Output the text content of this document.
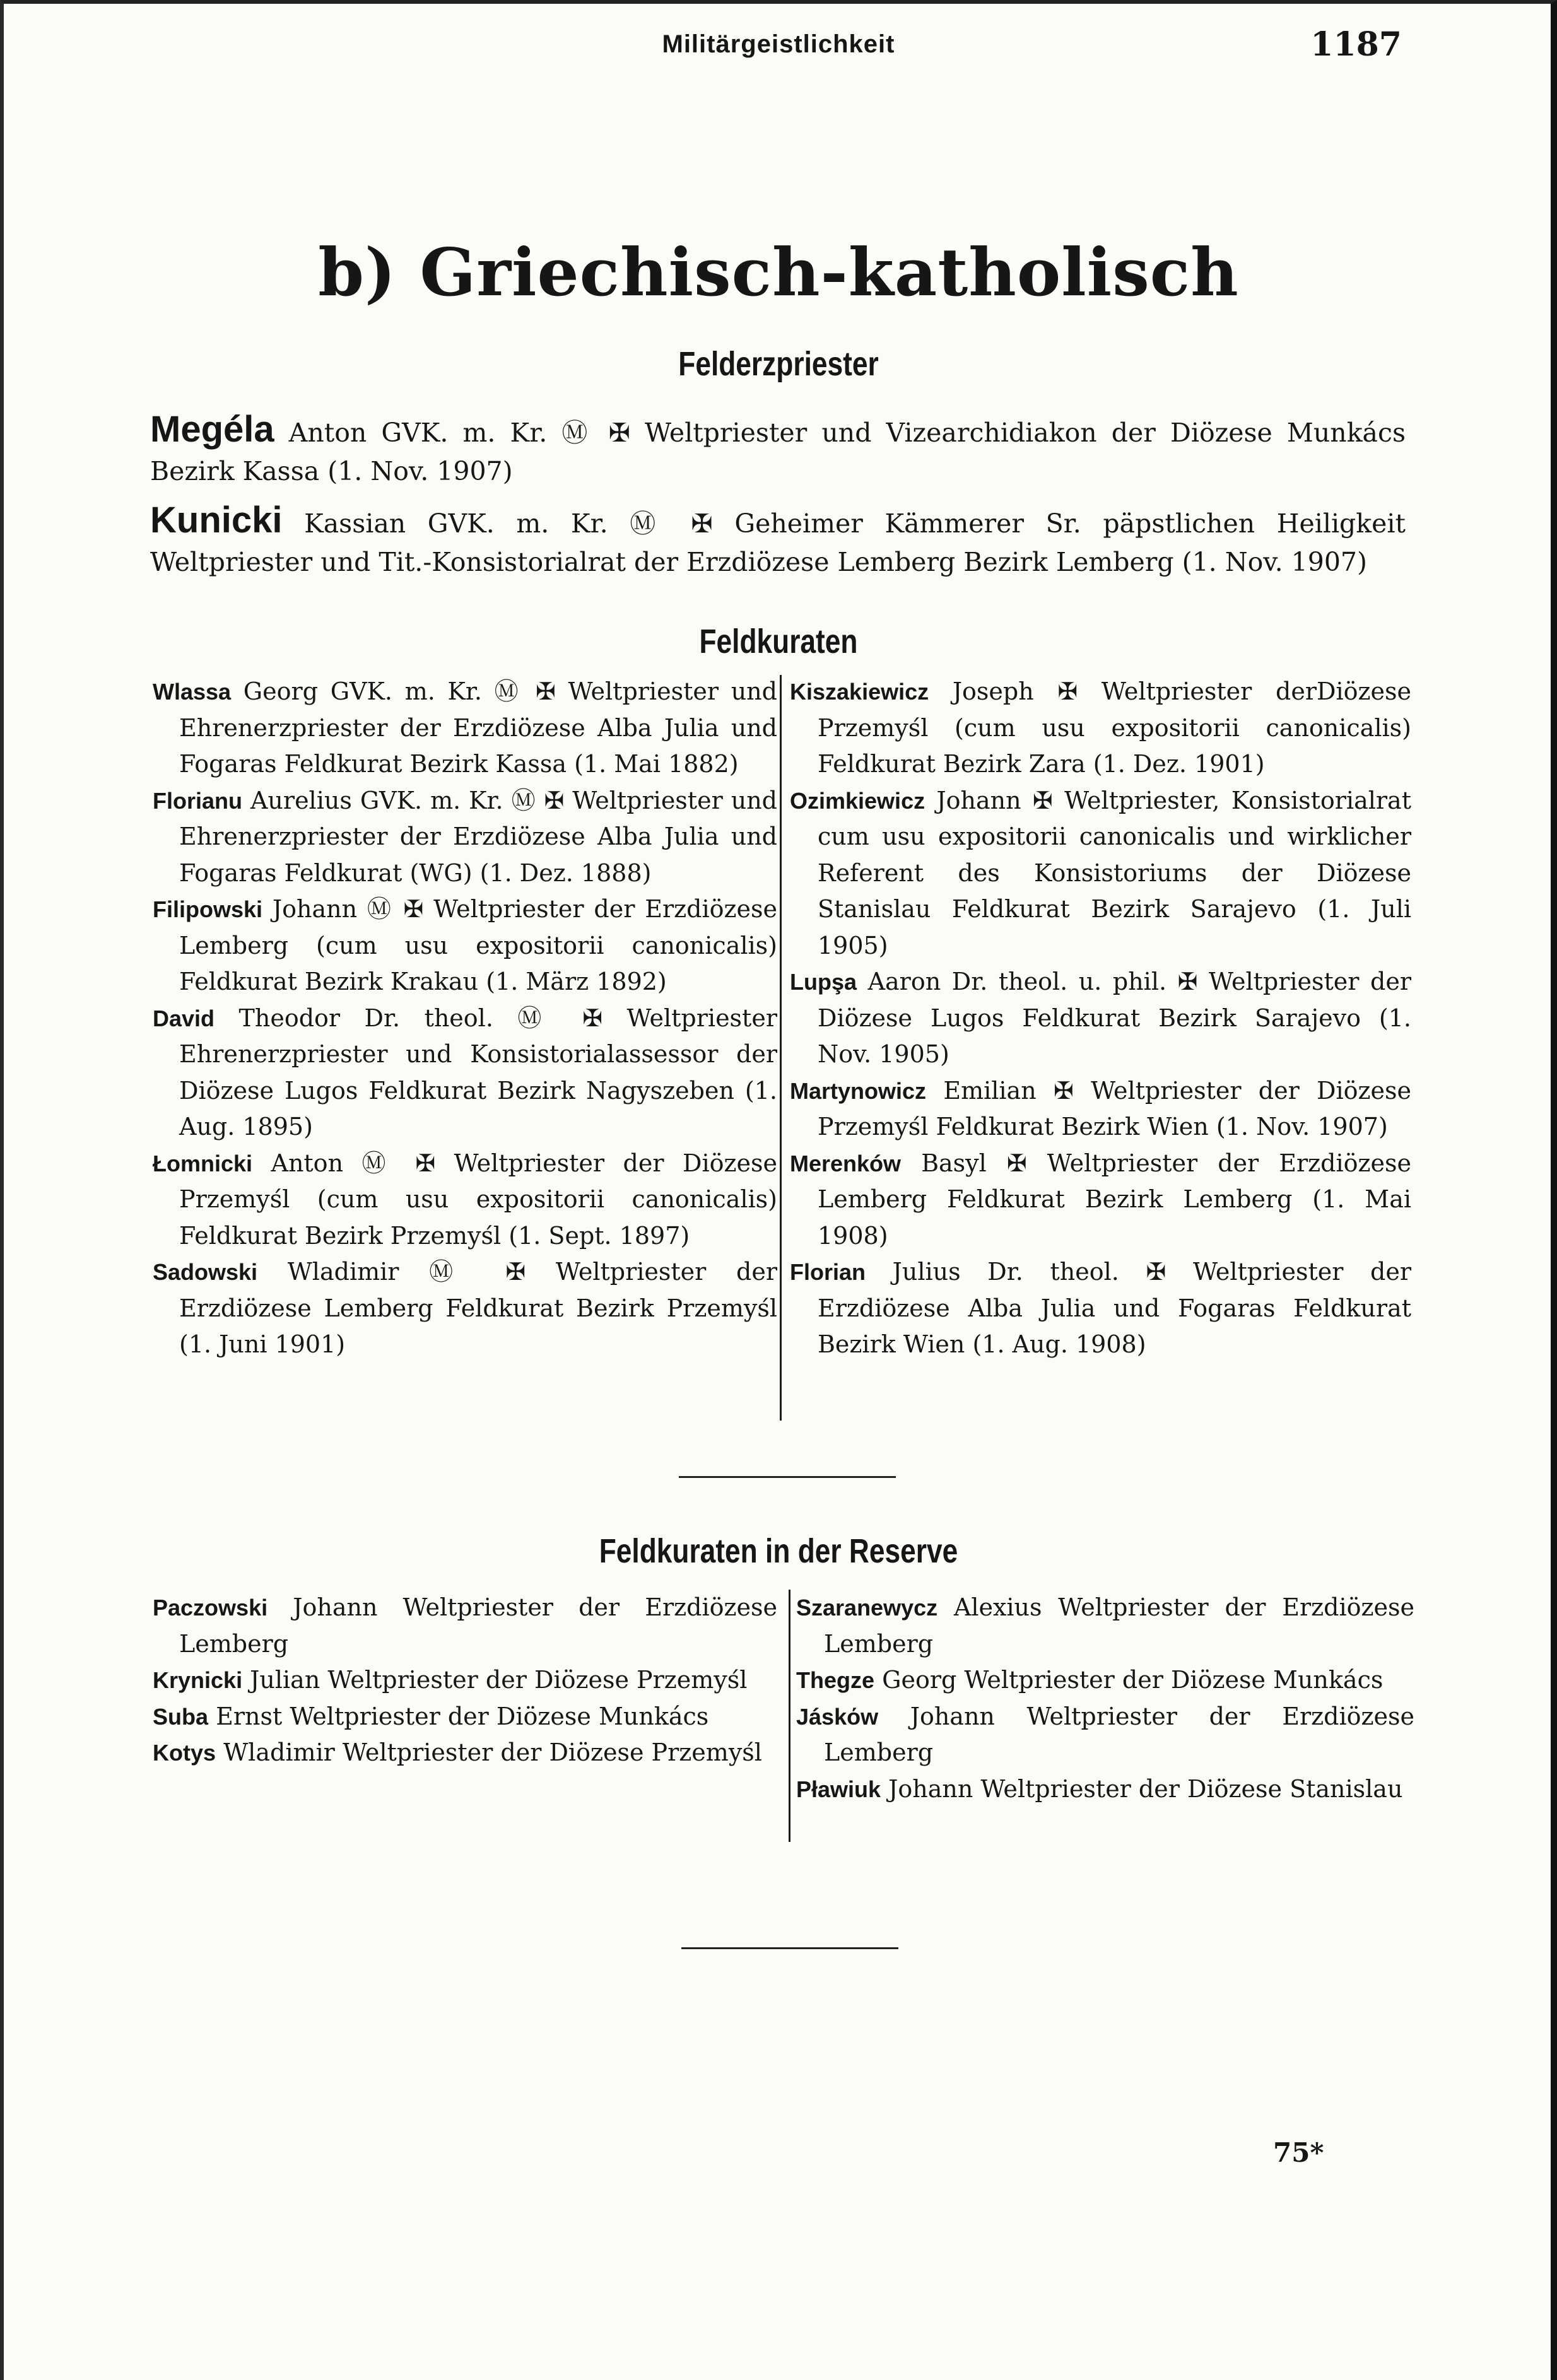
Militärgeistlichkeit	1187
b) Griechisch-katholisch
Felderzpriester
Megéla Anton GVK. m. Kr. Ⓜ ✠ Weltpriester und Vizearchidiakon der Diözese Munkács Bezirk Kassa (1. Nov. 1907)
Kunicki Kassian GVK. m. Kr. Ⓜ ✠ Geheimer Kämmerer Sr. päpstlichen Heiligkeit Weltpriester und Tit.-Konsistorialrat der Erzdiözese Lemberg Bezirk Lemberg (1. Nov. 1907)
Feldkuraten

Wlassa Georg GVK. m. Kr. Ⓜ ✠ Weltpriester und Ehrenerzpriester der Erzdiözese Alba Julia und Fogaras Feldkurat Bezirk Kassa (1. Mai 1882)

Florianu Aurelius GVK. m. Kr. Ⓜ ✠ Weltpriester und Ehrenerzpriester der Erzdiözese Alba Julia und Fogaras Feldkurat (WG) (1. Dez. 1888)

Filipowski Johann Ⓜ ✠ Weltpriester der Erzdiözese Lemberg (cum usu expositorii canonicalis) Feldkurat Bezirk Krakau (1. März 1892)

David Theodor Dr. theol. Ⓜ ✠ Weltpriester Ehrenerzpriester und Konsistorialassessor der Diözese Lugos Feldkurat Bezirk Nagyszeben (1. Aug. 1895)

Łomnicki Anton Ⓜ ✠ Weltpriester der Diözese Przemyśl (cum usu expositorii canonicalis) Feldkurat Bezirk Przemyśl (1. Sept. 1897)

Sadowski Wladimir Ⓜ ✠ Weltpriester der Erzdiözese Lemberg Feldkurat Bezirk Przemyśl (1. Juni 1901)

Kiszakiewicz Joseph ✠ Weltpriester derDiözese Przemyśl (cum usu expositorii canonicalis) Feldkurat Bezirk Zara (1. Dez. 1901)

Ozimkiewicz Johann ✠ Weltpriester, Konsistorialrat cum usu expositorii canonicalis und wirklicher Referent des Konsistoriums der Diözese Stanislau Feldkurat Bezirk Sarajevo (1. Juli 1905)

Lupşa Aaron Dr. theol. u. phil. ✠ Weltpriester der Diözese Lugos Feldkurat Bezirk Sarajevo (1. Nov. 1905)

Martynowicz Emilian ✠ Weltpriester der Diözese Przemyśl Feldkurat Bezirk Wien (1. Nov. 1907)

Merenków Basyl ✠ Weltpriester der Erzdiözese Lemberg Feldkurat Bezirk Lemberg (1. Mai 1908)

Florian Julius Dr. theol. ✠ Weltpriester der Erzdiözese Alba Julia und Fogaras Feldkurat Bezirk Wien (1. Aug. 1908)

Feldkuraten in der Reserve

Paczowski Johann Weltpriester der Erzdiözese Lemberg

Krynicki Julian Weltpriester der Diözese Przemyśl

Suba Ernst Weltpriester der Diözese Munkács

Kotys Wladimir Weltpriester der Diözese Przemyśl

Szaranewycz Alexius Weltpriester der Erzdiözese Lemberg

Thegze Georg Weltpriester der Diözese Munkács

Jáskόw Johann Weltpriester der Erzdiözese Lemberg

Pławiuk Johann Weltpriester der Diözese Stanislau

75*
